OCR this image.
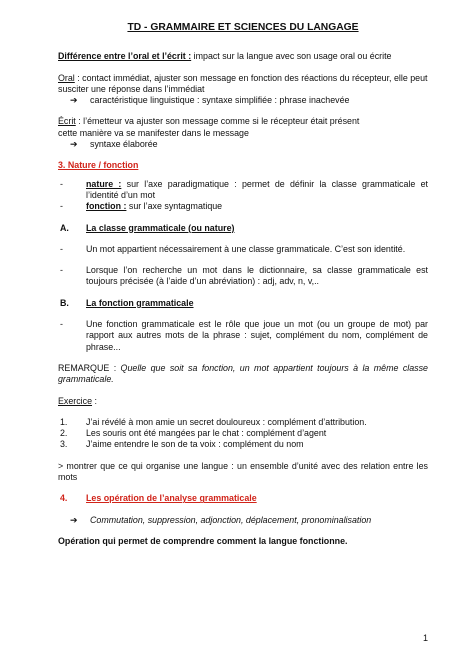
TD - GRAMMAIRE ET SCIENCES DU LANGAGE

Différence entre l’oral et l’écrit : impact sur la langue avec son usage oral ou écrite

Oral : contact immédiat, ajuster son message en fonction des réactions du récepteur, elle peut susciter une réponse dans l’immédiat

➔	caractéristique linguistique : syntaxe simplifiée : phrase inachevée

Écrit : l’émetteur va ajuster son message comme si le récepteur était présent

cette manière va se manifester dans le message

➔	syntaxe élaborée

3. Nature / fonction

-	nature : sur l’axe paradigmatique : permet de définir la classe grammaticale et l’identité d’un mot
-	fonction : sur l’axe syntagmatique
A.	La classe grammaticale (ou nature)
-	Un mot appartient nécessairement à une classe grammaticale. C’est son identité.
-	Lorsque l’on recherche un mot dans le dictionnaire, sa classe grammaticale est toujours précisée (à l’aide d’un abréviation) : adj, adv, n, v,..
B.	La fonction grammaticale
-	Une fonction grammaticale est le rôle que joue un mot (ou un groupe de mot) par rapport aux autres mots de la phrase : sujet, complément du nom, complément de phrase...

REMARQUE : Quelle que soit sa fonction, un mot appartient toujours à la même classe grammaticale.

Exercice :

1.	J’ai révélé à mon amie un secret douloureux : complément d’attribution.
2.	Les souris ont été mangées par le chat : complément d’agent
3.	J’aime entendre le son de ta voix : complément du nom

> montrer que ce qui organise une langue : un ensemble d’unité avec des relation entre les mots

4.	Les opération de l’analyse grammaticale
➔	Commutation, suppression, adjonction, déplacement, pronominalisation

Opération qui permet de comprendre comment la langue fonctionne.

1
